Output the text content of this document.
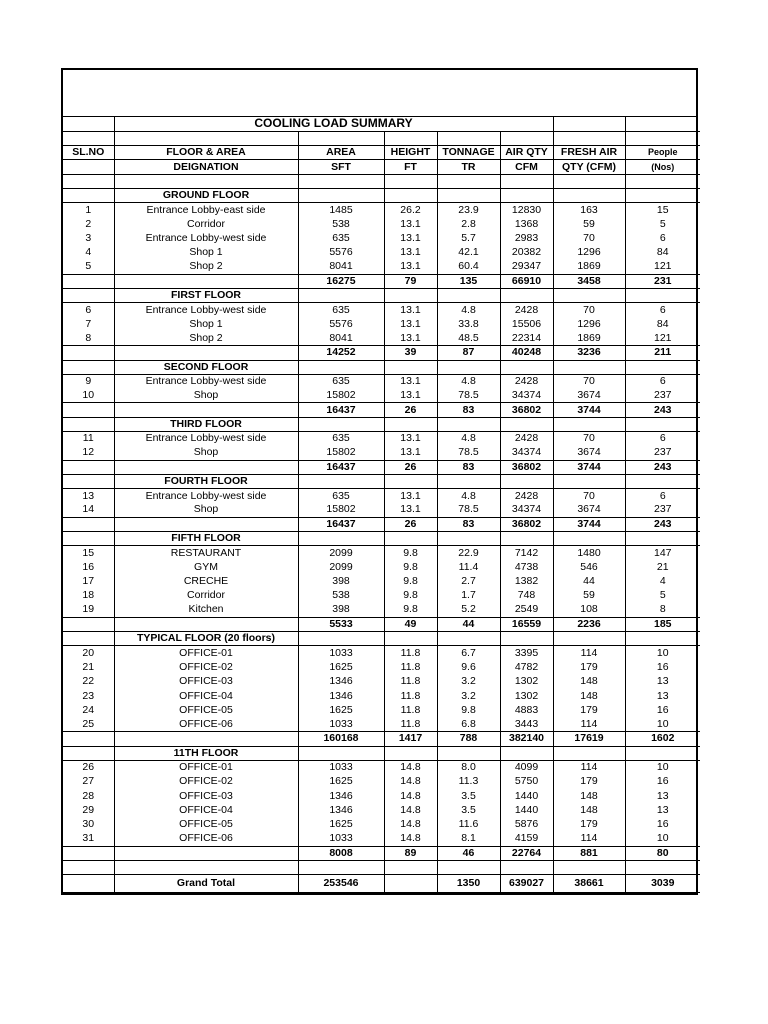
	COOLING LOAD SUMMARY						

SL.NO	FLOOR & AREA	AREA	HEIGHT	TONNAGE	AIR QTY	FRESH AIR	People
	DEIGNATION	SFT	FT	TR	CFM	QTY (CFM)	(Nos)

	GROUND FLOOR						
1	Entrance Lobby-east side	1485	26.2	23.9	12830	163	15
2	Corridor	538	13.1	2.8	1368	59	5
3	Entrance Lobby-west side	635	13.1	5.7	2983	70	6
4	Shop 1	5576	13.1	42.1	20382	1296	84
5	Shop 2	8041	13.1	60.4	29347	1869	121
		16275	79	135	66910	3458	231
	FIRST FLOOR						
6	Entrance Lobby-west side	635	13.1	4.8	2428	70	6
7	Shop 1	5576	13.1	33.8	15506	1296	84
8	Shop 2	8041	13.1	48.5	22314	1869	121
		14252	39	87	40248	3236	211
	SECOND FLOOR						
9	Entrance Lobby-west side	635	13.1	4.8	2428	70	6
10	Shop	15802	13.1	78.5	34374	3674	237
		16437	26	83	36802	3744	243
	THIRD FLOOR						
11	Entrance Lobby-west side	635	13.1	4.8	2428	70	6
12	Shop	15802	13.1	78.5	34374	3674	237
		16437	26	83	36802	3744	243
	FOURTH FLOOR						
13	Entrance Lobby-west side	635	13.1	4.8	2428	70	6
14	Shop	15802	13.1	78.5	34374	3674	237
		16437	26	83	36802	3744	243
	FIFTH FLOOR						
15	RESTAURANT	2099	9.8	22.9	7142	1480	147
16	GYM	2099	9.8	11.4	4738	546	21
17	CRECHE	398	9.8	2.7	1382	44	4
18	Corridor	538	9.8	1.7	748	59	5
19	Kitchen	398	9.8	5.2	2549	108	8
		5533	49	44	16559	2236	185
	TYPICAL FLOOR (20 floors)						
20	OFFICE-01	1033	11.8	6.7	3395	114	10
21	OFFICE-02	1625	11.8	9.6	4782	179	16
22	OFFICE-03	1346	11.8	3.2	1302	148	13
23	OFFICE-04	1346	11.8	3.2	1302	148	13
24	OFFICE-05	1625	11.8	9.8	4883	179	16
25	OFFICE-06	1033	11.8	6.8	3443	114	10
		160168	1417	788	382140	17619	1602
	11TH FLOOR						
26	OFFICE-01	1033	14.8	8.0	4099	114	10
27	OFFICE-02	1625	14.8	11.3	5750	179	16
28	OFFICE-03	1346	14.8	3.5	1440	148	13
29	OFFICE-04	1346	14.8	3.5	1440	148	13
30	OFFICE-05	1625	14.8	11.6	5876	179	16
31	OFFICE-06	1033	14.8	8.1	4159	114	10
		8008	89	46	22764	881	80

	Grand Total	253546		1350	639027	38661	3039
